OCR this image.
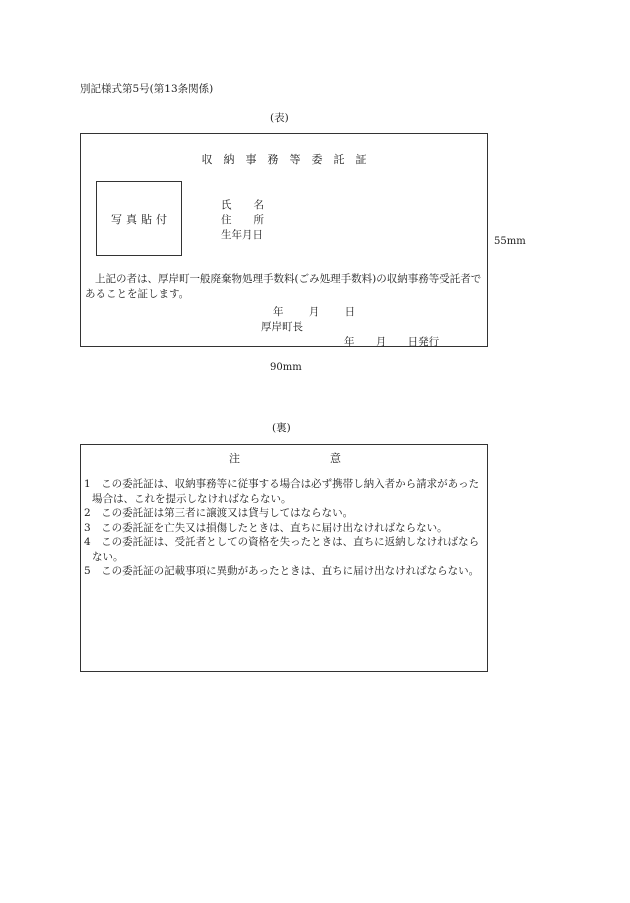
別記様式第5号(第13条関係)
(表)
収納事務等委託証
写真貼付
氏名
住所
生年月日
上記の者は、厚岸町一般廃棄物処理手数料(ごみ処理手数料)の収納事務等受託者であることを証します。
年 月 日
厚岸町長
年 月 日発行
55mm
90mm
(裏)
注	意
1　この委託証は、収納事務等に従事する場合は必ず携帯し納入者から請求があった場合は、これを提示しなければならない。
2　この委託証は第三者に譲渡又は貸与してはならない。
3　この委託証を亡失又は損傷したときは、直ちに届け出なければならない。
4　この委託証は、受託者としての資格を失ったときは、直ちに返納しなければならない。
5　この委託証の記載事項に異動があったときは、直ちに届け出なければならない。
